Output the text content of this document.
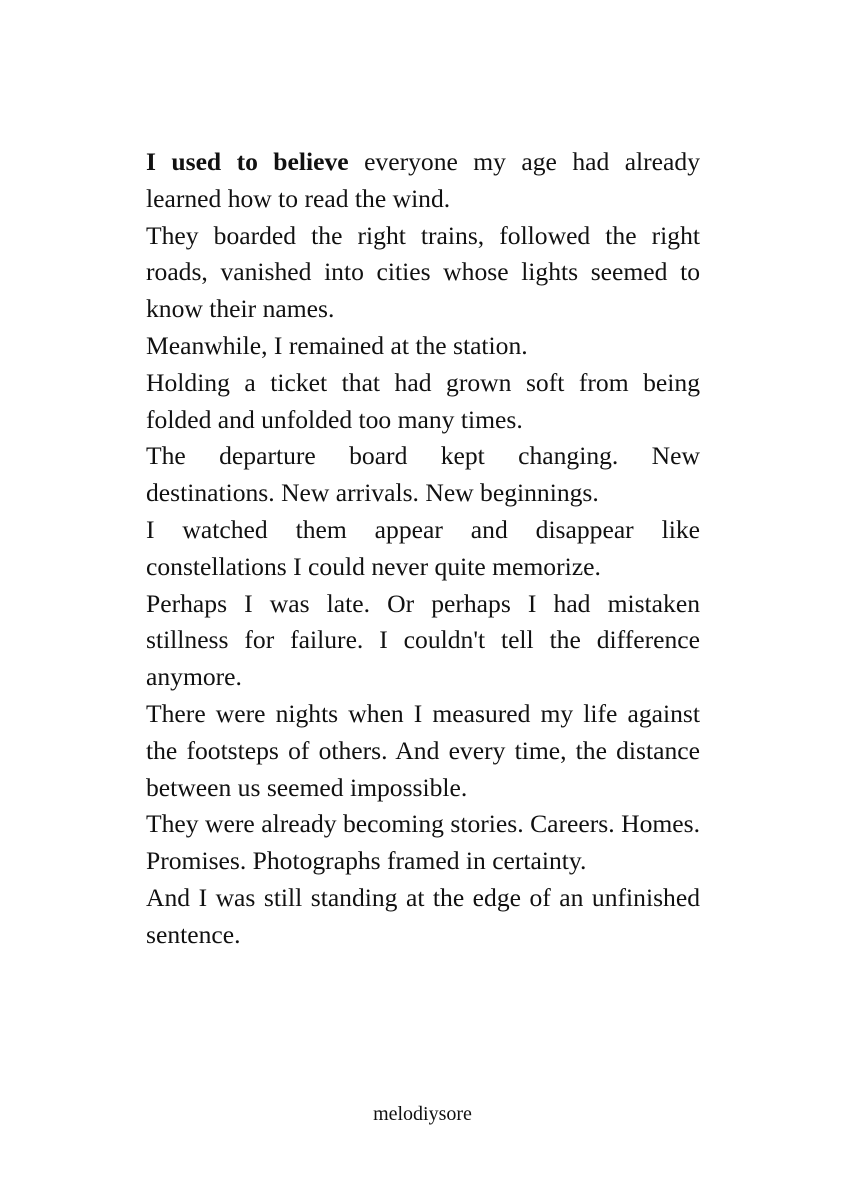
I used to believe everyone my age had already learned how to read the wind.

They boarded the right trains, followed the right roads, vanished into cities whose lights seemed to know their names.

Meanwhile, I remained at the station.

Holding a ticket that had grown soft from being folded and unfolded too many times.

The departure board kept changing. New destinations. New arrivals. New beginnings.

I watched them appear and disappear like constellations I could never quite memorize.

Perhaps I was late. Or perhaps I had mistaken stillness for failure. I couldn't tell the difference anymore.

There were nights when I measured my life against the footsteps of others. And every time, the distance between us seemed impossible.

They were already becoming stories. Careers. Homes. Promises. Photographs framed in certainty.

And I was still standing at the edge of an unfinished sentence.

melodiysore
